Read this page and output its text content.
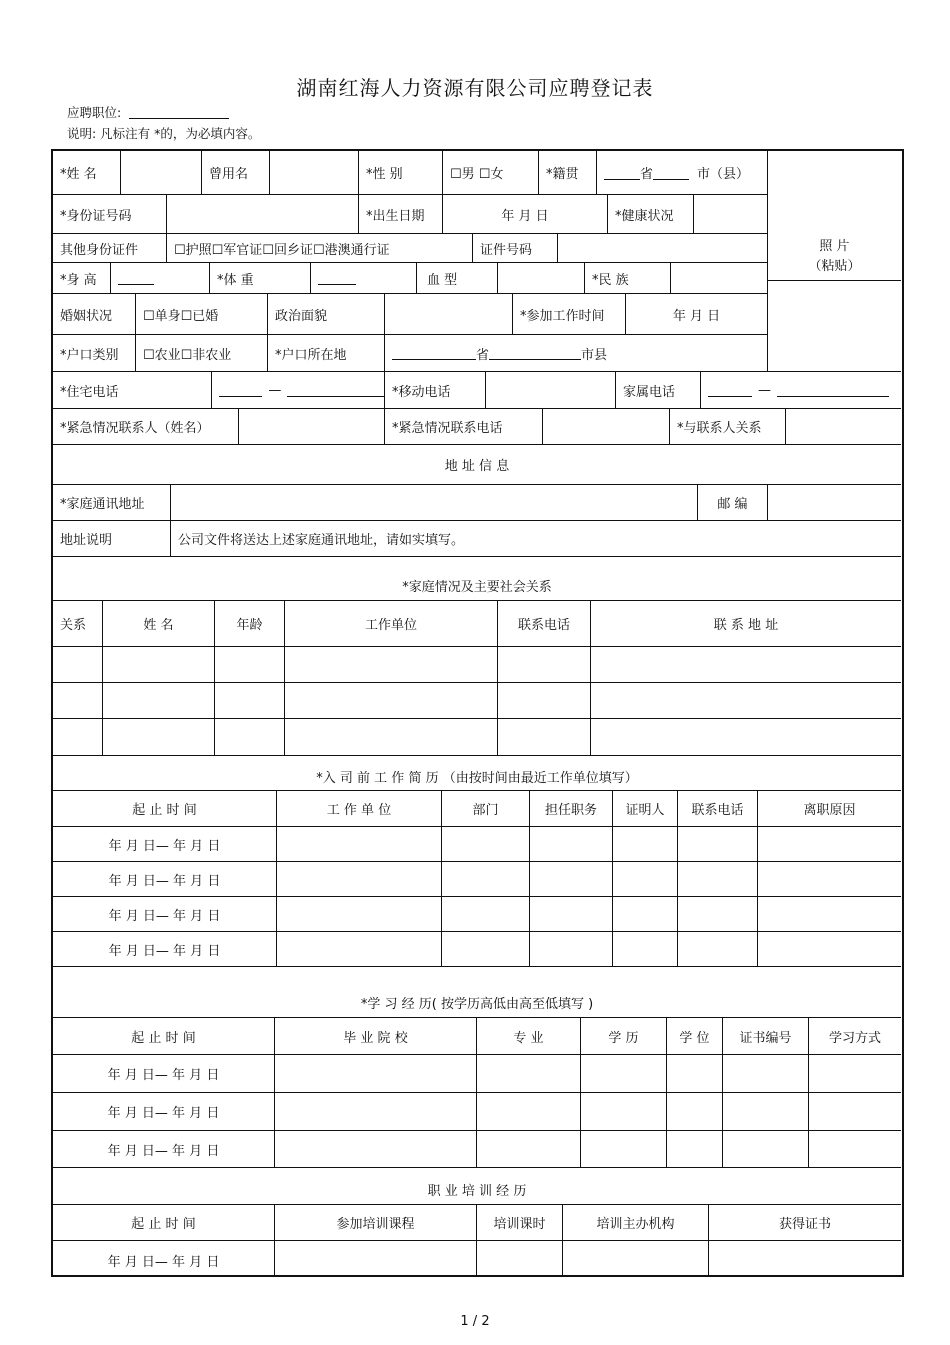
湖南红海人力资源有限公司应聘登记表
应聘职位:
说明: 凡标注有 *的，为必填内容。
*姓 名	曾用名	*性 别	☐男 ☐女	*籍贯	省	市（县）
照 片
（粘贴）
*身份证号码	*出生日期	年 月 日	*健康状况
其他身份证件	☐护照☐军官证☐回乡证☐港澳通行证	证件号码
*身 高	*体 重	血 型	*民 族
婚姻状况	☐单身☐已婚	政治面貌	*参加工作时间	年 月 日
*户口类别	☐农业☐非农业	*户口所在地	省	市县
*住宅电话	—	*移动电话	家属电话	—
*紧急情况联系人（姓名）	*紧急情况联系电话	*与联系人关系
地 址 信 息
*家庭通讯地址	邮 编
地址说明	公司文件将送达上述家庭通讯地址，请如实填写。
*家庭情况及主要社会关系
关系	姓 名	年龄	工作单位	联系电话	联 系 地 址
*入 司 前 工 作 简 历 （由按时间由最近工作单位填写）
起 止 时 间	工 作 单 位	部门	担任职务	证明人	联系电话	离职原因
年 月 日— 年 月 日
年 月 日— 年 月 日
年 月 日— 年 月 日
年 月 日— 年 月 日
*学 习 经 历( 按学历高低由高至低填写 )
起 止 时 间	毕 业 院 校	专 业	学 历	学 位	证书编号	学习方式
年 月 日— 年 月 日
年 月 日— 年 月 日
年 月 日— 年 月 日
职 业 培 训 经 历
起 止 时 间	参加培训课程	培训课时	培训主办机构	获得证书
年 月 日— 年 月 日
1 / 2
